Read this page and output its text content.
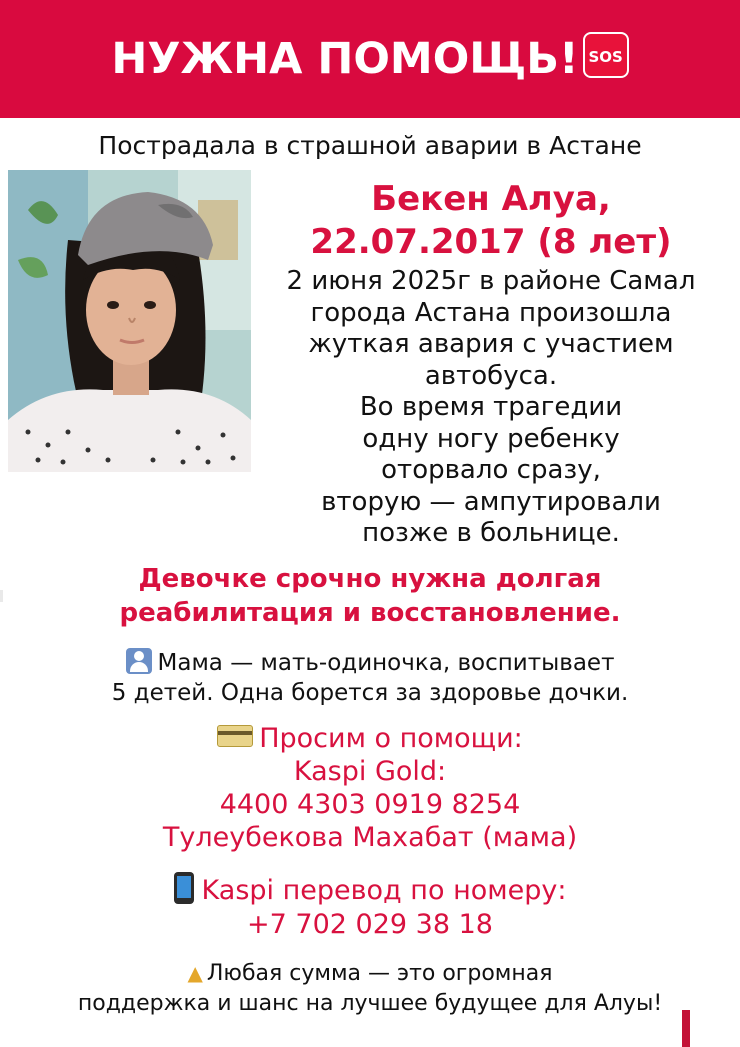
НУЖНА ПОМОЩЬ! SOS
Пострадала в страшной аварии в Астане
Бекен Алуа,
22.07.2017 (8 лет)
2 июня 2025г в районе Самал
города Астана произошла
жуткая авария с участием
автобуса.
Во время трагедии
одну ногу ребенку
оторвало сразу,
вторую — ампутировали
позже в больнице.
Девочке срочно нужна долгая
реабилитация и восстановление.
Мама — мать-одиночка, воспитывает
5 детей. Одна борется за здоровье дочки.
Просим о помощи:
Kaspi Gold:
4400 4303 0919 8254
Тулеубекова Махабат (мама)
Kaspi перевод по номеру:
+7 702 029 38 18
▲ Любая сумма — это огромная
поддержка и шанс на лучшее будущее для Алуы!
